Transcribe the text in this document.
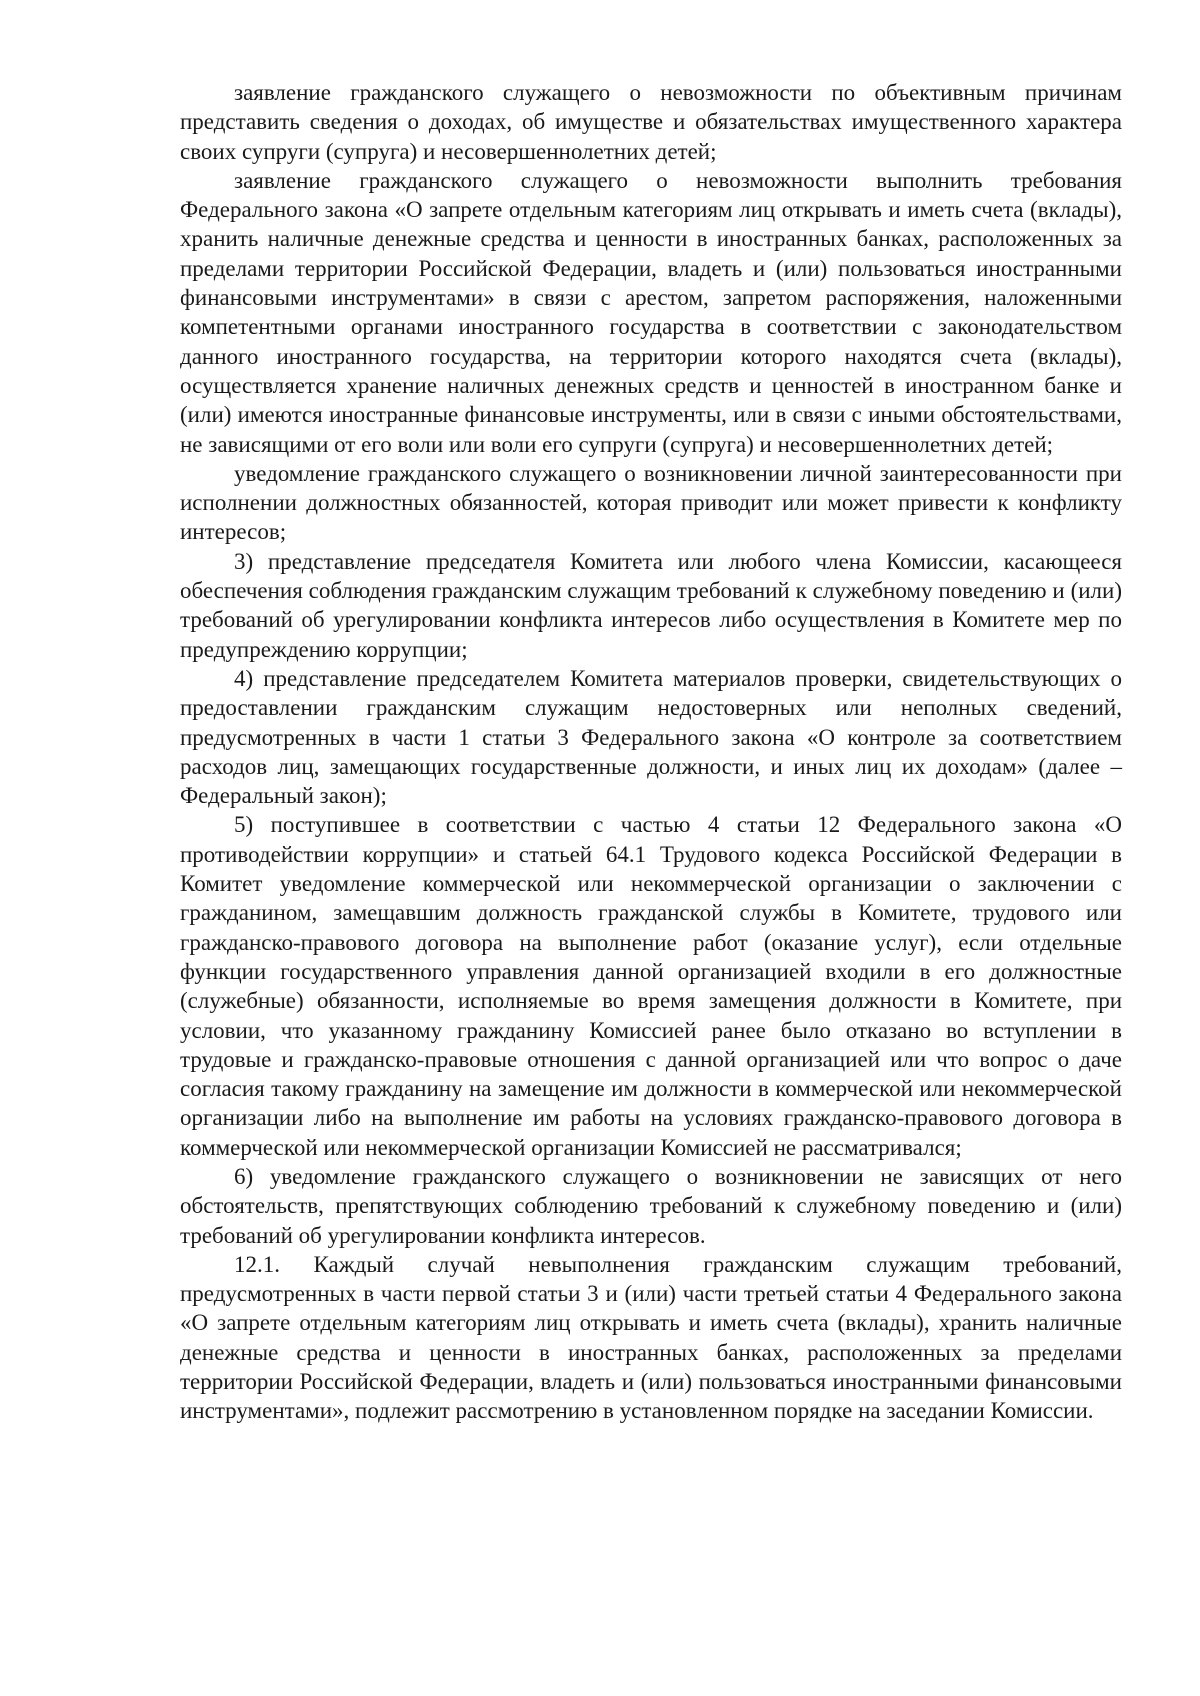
заявление гражданского служащего о невозможности по объективным причинам представить сведения о доходах, об имуществе и обязательствах имущественного характера своих супруги (супруга) и несовершеннолетних детей;

заявление гражданского служащего о невозможности выполнить требования Федерального закона «О запрете отдельным категориям лиц открывать и иметь счета (вклады), хранить наличные денежные средства и ценности в иностранных банках, расположенных за пределами территории Российской Федерации, владеть и (или) пользоваться иностранными финансовыми инструментами» в связи с арестом, запретом распоряжения, наложенными компетентными органами иностранного государства в соответствии с законодательством данного иностранного государства, на территории которого находятся счета (вклады), осуществляется хранение наличных денежных средств и ценностей в иностранном банке и (или) имеются иностранные финансовые инструменты, или в связи с иными обстоятельствами, не зависящими от его воли или воли его супруги (супруга) и несовершеннолетних детей;

уведомление гражданского служащего о возникновении личной заинтересованности при исполнении должностных обязанностей, которая приводит или может привести к конфликту интересов;

3) представление председателя Комитета или любого члена Комиссии, касающееся обеспечения соблюдения гражданским служащим требований к служебному поведению и (или) требований об урегулировании конфликта интересов либо осуществления в Комитете мер по предупреждению коррупции;

4) представление председателем Комитета материалов проверки, свидетельствующих о предоставлении гражданским служащим недостоверных или неполных сведений, предусмотренных в части 1 статьи 3 Федерального закона «О контроле за соответствием расходов лиц, замещающих государственные должности, и иных лиц их доходам» (далее – Федеральный закон);

5) поступившее в соответствии с частью 4 статьи 12 Федерального закона «О противодействии коррупции» и статьей 64.1 Трудового кодекса Российской Федерации в Комитет уведомление коммерческой или некоммерческой организации о заключении с гражданином, замещавшим должность гражданской службы в Комитете, трудового или гражданско-правового договора на выполнение работ (оказание услуг), если отдельные функции государственного управления данной организацией входили в его должностные (служебные) обязанности, исполняемые во время замещения должности в Комитете, при условии, что указанному гражданину Комиссией ранее было отказано во вступлении в трудовые и гражданско-правовые отношения с данной организацией или что вопрос о даче согласия такому гражданину на замещение им должности в коммерческой или некоммерческой организации либо на выполнение им работы на условиях гражданско-правового договора в коммерческой или некоммерческой организации Комиссией не рассматривался;

6) уведомление гражданского служащего о возникновении не зависящих от него обстоятельств, препятствующих соблюдению требований к служебному поведению и (или) требований об урегулировании конфликта интересов.

12.1. Каждый случай невыполнения гражданским служащим требований, предусмотренных в части первой статьи 3 и (или) части третьей статьи 4 Федерального закона «О запрете отдельным категориям лиц открывать и иметь счета (вклады), хранить наличные денежные средства и ценности в иностранных банках, расположенных за пределами территории Российской Федерации, владеть и (или) пользоваться иностранными финансовыми инструментами», подлежит рассмотрению в установленном порядке на заседании Комиссии.
